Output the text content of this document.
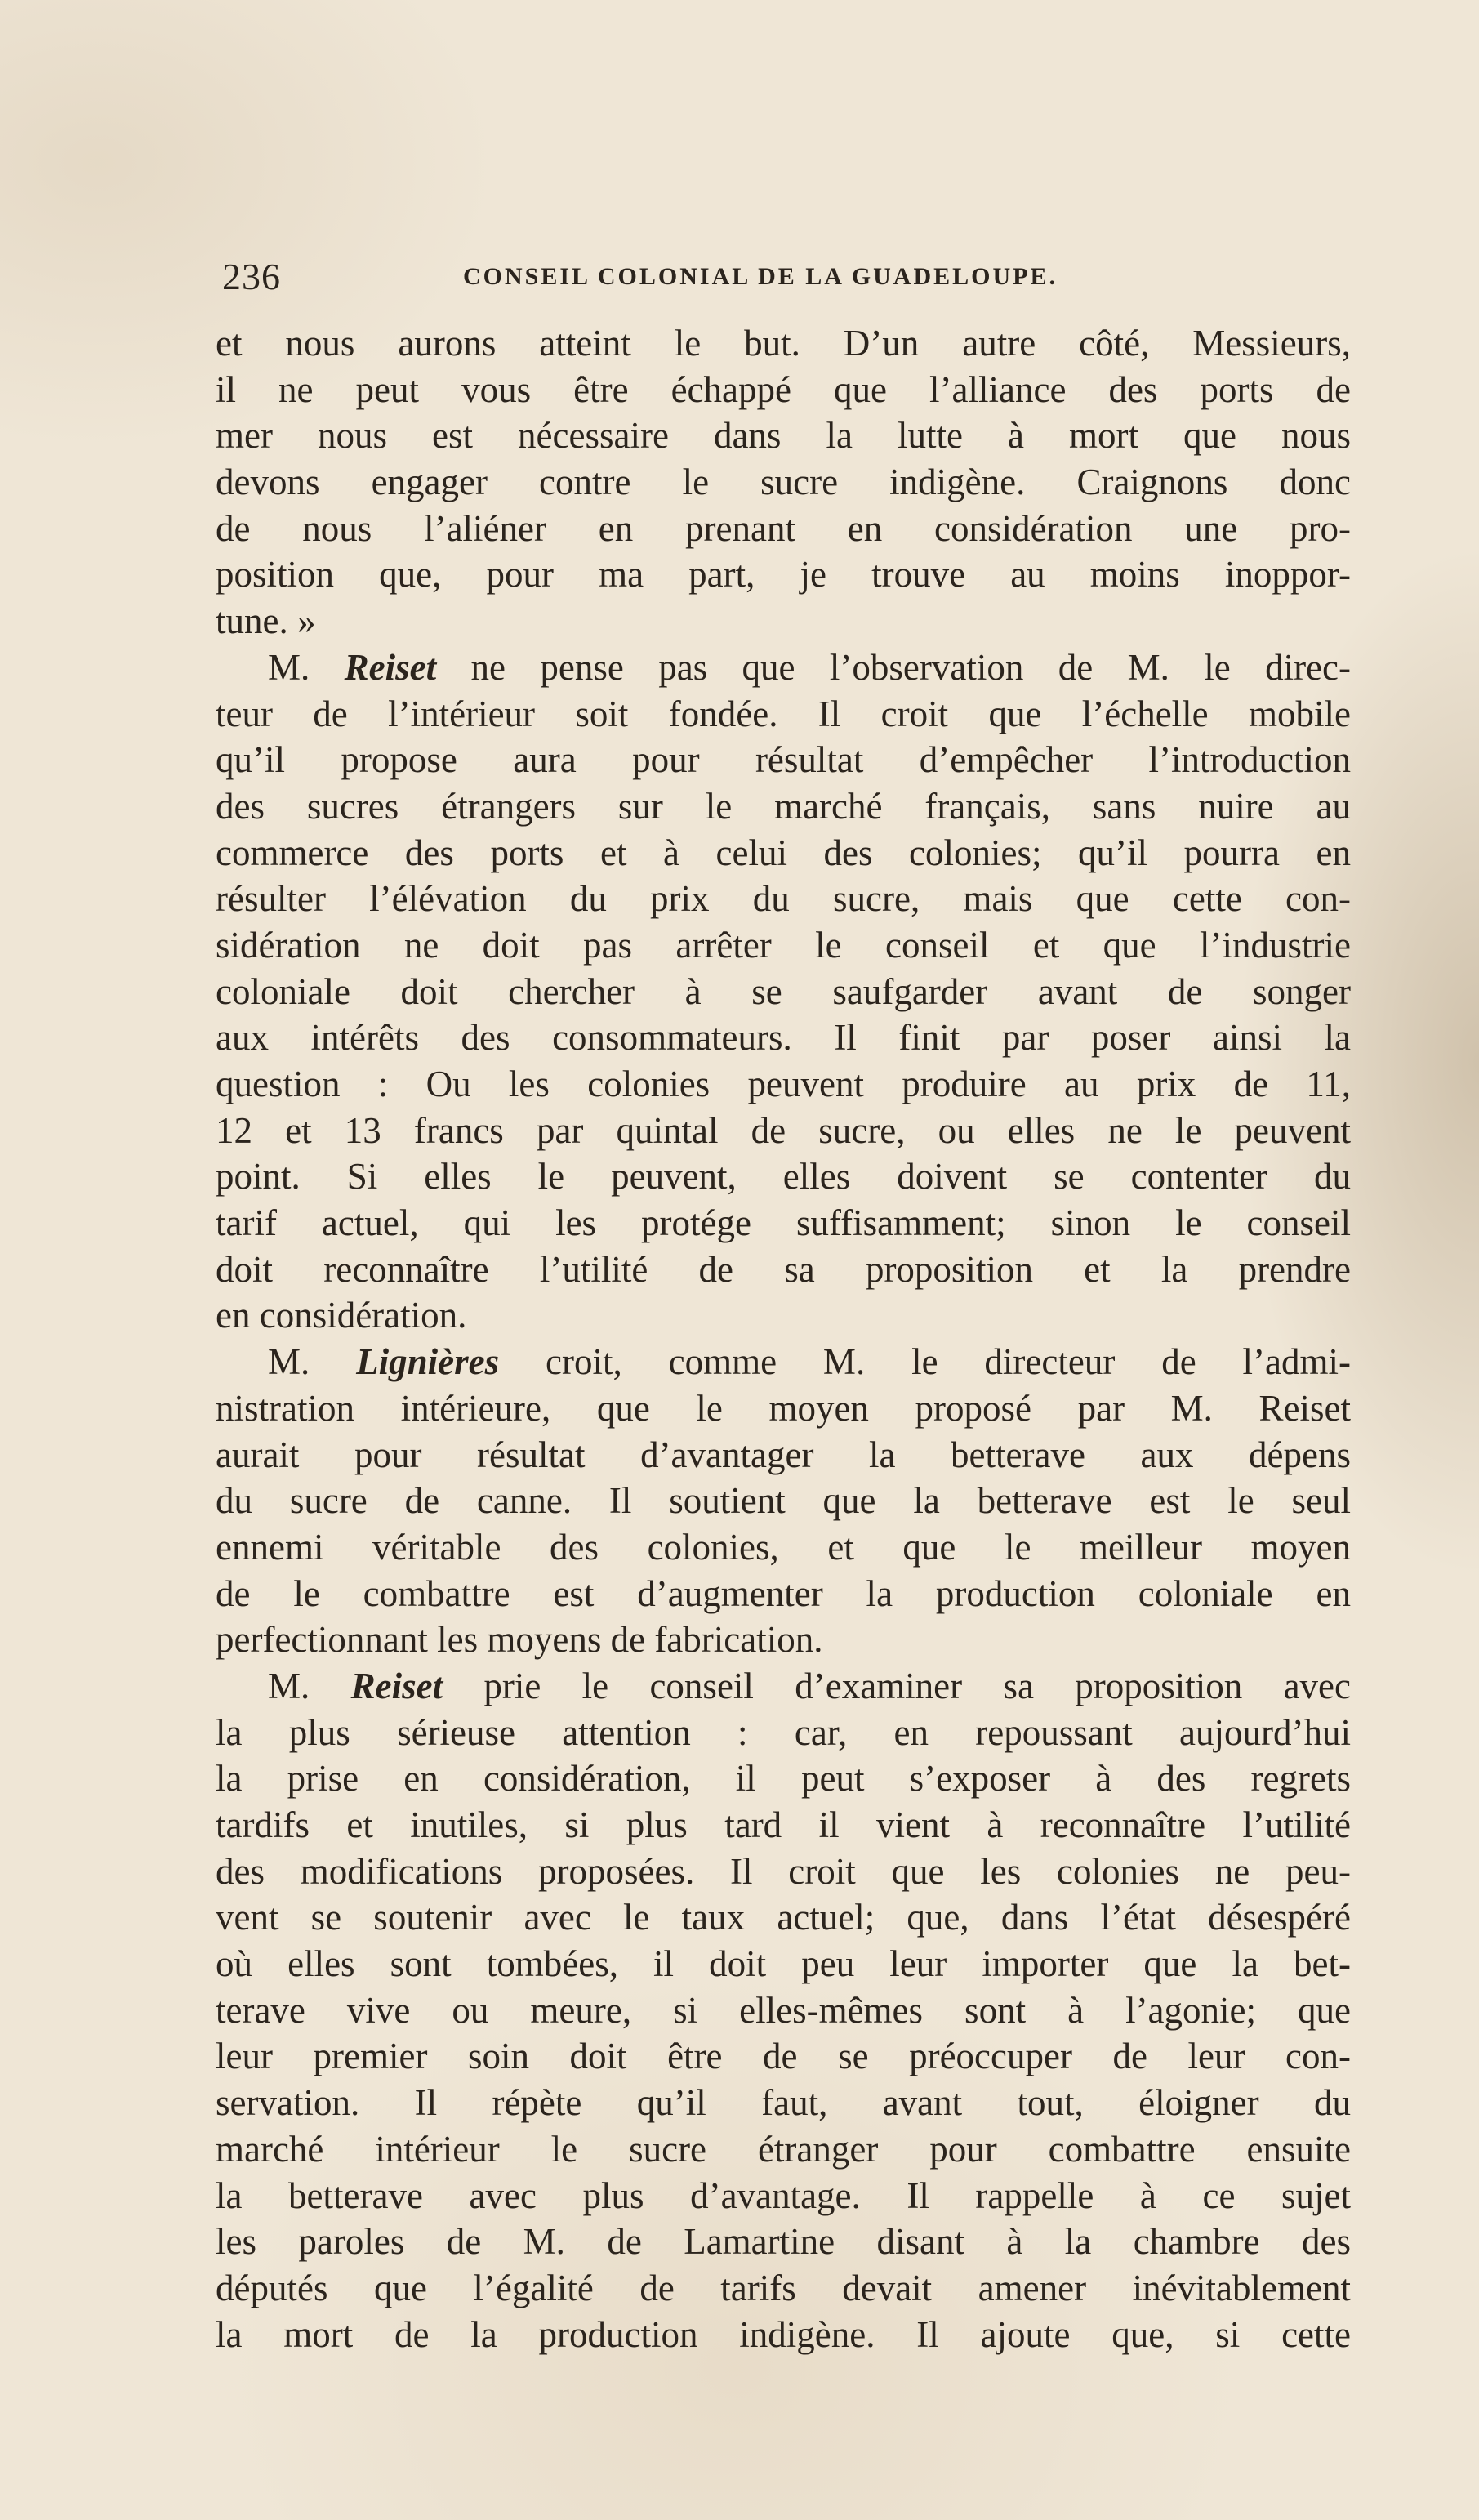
236	CONSEIL COLONIAL DE LA GUADELOUPE.
et nous aurons atteint le but. D’un autre côté, Messieurs,
il ne peut vous être échappé que l’alliance des ports de
mer nous est nécessaire dans la lutte à mort que nous
devons engager contre le sucre indigène. Craignons donc
de nous l’aliéner en prenant en considération une pro-
position que, pour ma part, je trouve au moins inoppor-
tune. »
M. Reiset ne pense pas que l’observation de M. le direc-
teur de l’intérieur soit fondée. Il croit que l’échelle mobile
qu’il propose aura pour résultat d’empêcher l’introduction
des sucres étrangers sur le marché français, sans nuire au
commerce des ports et à celui des colonies; qu’il pourra en
résulter l’élévation du prix du sucre, mais que cette con-
sidération ne doit pas arrêter le conseil et que l’industrie
coloniale doit chercher à se saufgarder avant de songer
aux intérêts des consommateurs. Il finit par poser ainsi la
question : Ou les colonies peuvent produire au prix de 11,
12 et 13 francs par quintal de sucre, ou elles ne le peuvent
point. Si elles le peuvent, elles doivent se contenter du
tarif actuel, qui les protége suffisamment; sinon le conseil
doit reconnaître l’utilité de sa proposition et la prendre
en considération.
M. Lignières croit, comme M. le directeur de l’admi-
nistration intérieure, que le moyen proposé par M. Reiset
aurait pour résultat d’avantager la betterave aux dépens
du sucre de canne. Il soutient que la betterave est le seul
ennemi véritable des colonies, et que le meilleur moyen
de le combattre est d’augmenter la production coloniale en
perfectionnant les moyens de fabrication.
M. Reiset prie le conseil d’examiner sa proposition avec
la plus sérieuse attention : car, en repoussant aujourd’hui
la prise en considération, il peut s’exposer à des regrets
tardifs et inutiles, si plus tard il vient à reconnaître l’utilité
des modifications proposées. Il croit que les colonies ne peu-
vent se soutenir avec le taux actuel; que, dans l’état désespéré
où elles sont tombées, il doit peu leur importer que la bet-
terave vive ou meure, si elles-mêmes sont à l’agonie; que
leur premier soin doit être de se préoccuper de leur con-
servation. Il répète qu’il faut, avant tout, éloigner du
marché intérieur le sucre étranger pour combattre ensuite
la betterave avec plus d’avantage. Il rappelle à ce sujet
les paroles de M. de Lamartine disant à la chambre des
députés que l’égalité de tarifs devait amener inévitablement
la mort de la production indigène. Il ajoute que, si cette
